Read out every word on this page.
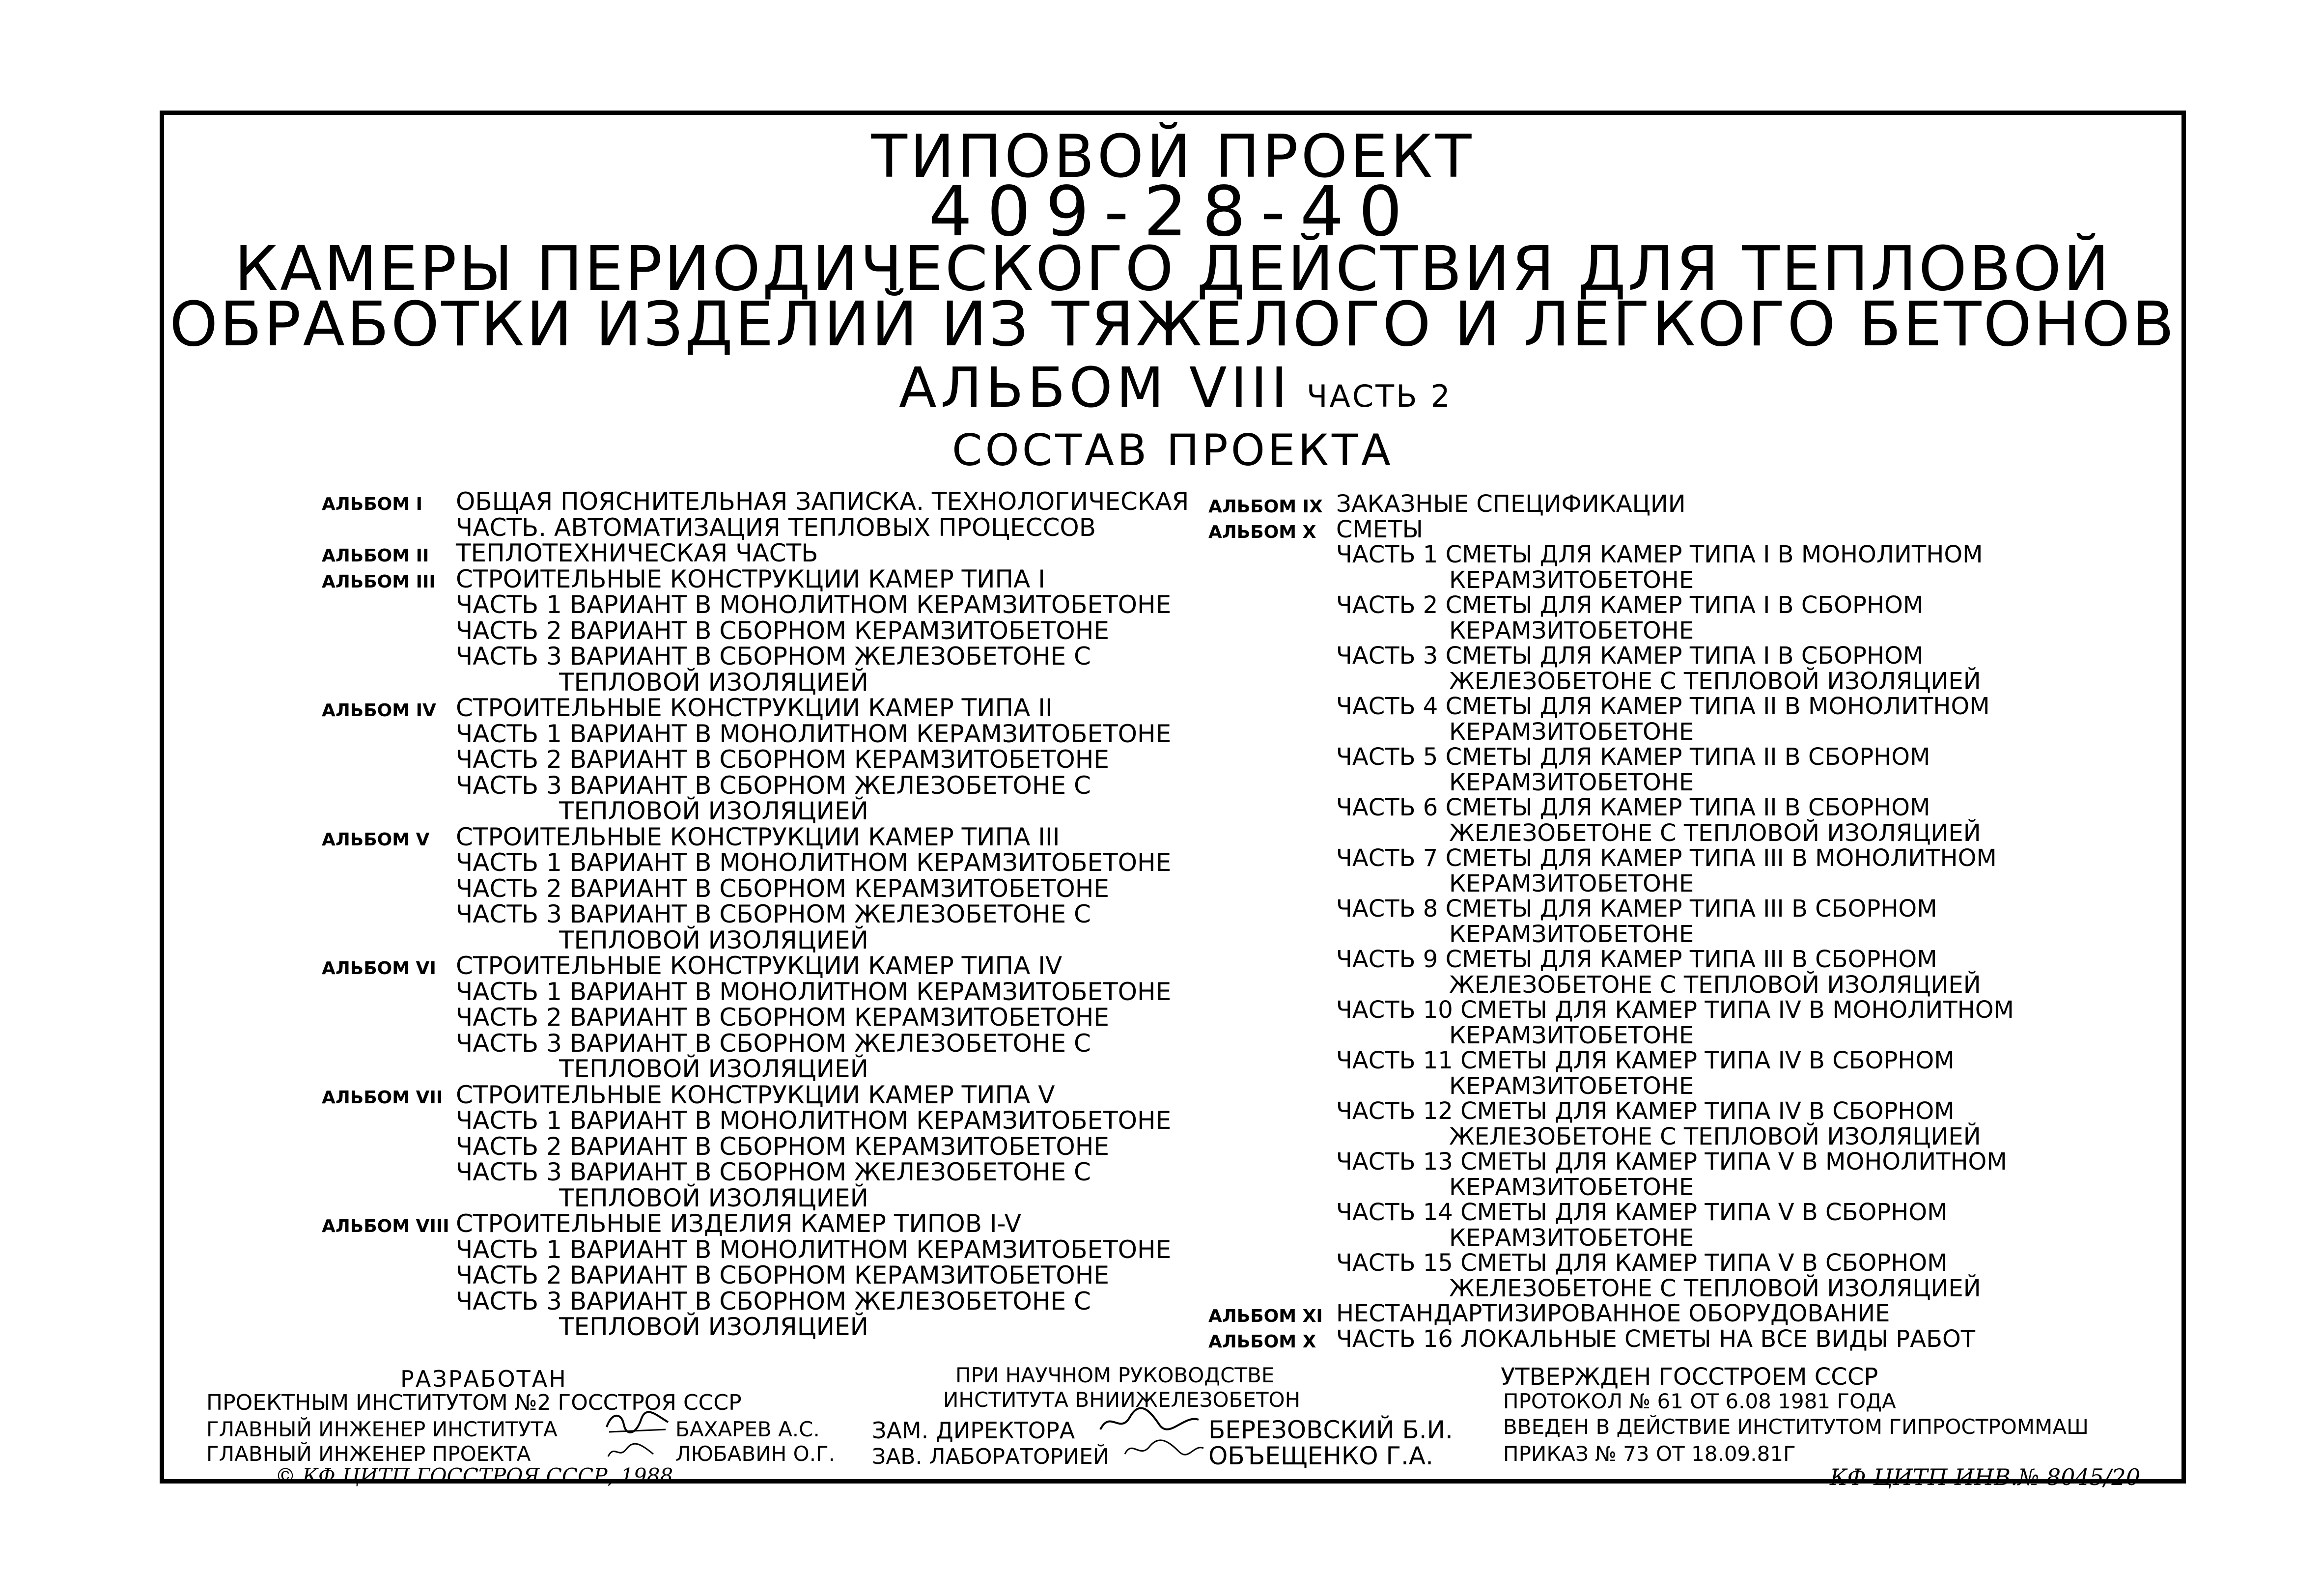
ТИПОВОЙ ПРОЕКТ
409-28-40
КАМЕРЫ ПЕРИОДИЧЕСКОГО ДЕЙСТВИЯ ДЛЯ ТЕПЛОВОЙ
ОБРАБОТКИ ИЗДЕЛИЙ ИЗ ТЯЖЕЛОГО И ЛЕГКОГО БЕТОНОВ
АЛЬБОМ VIII ЧАСТЬ 2
СОСТАВ ПРОЕКТА
АЛЬБОМ I ОБЩАЯ ПОЯСНИТЕЛЬНАЯ ЗАПИСКА. ТЕХНОЛОГИЧЕСКАЯ
ЧАСТЬ. АВТОМАТИЗАЦИЯ ТЕПЛОВЫХ ПРОЦЕССОВ
АЛЬБОМ II ТЕПЛОТЕХНИЧЕСКАЯ ЧАСТЬ
АЛЬБОМ III СТРОИТЕЛЬНЫЕ КОНСТРУКЦИИ КАМЕР ТИПА I
ЧАСТЬ 1 ВАРИАНТ В МОНОЛИТНОМ КЕРАМЗИТОБЕТОНЕ
ЧАСТЬ 2 ВАРИАНТ В СБОРНОМ КЕРАМЗИТОБЕТОНЕ
ЧАСТЬ 3 ВАРИАНТ В СБОРНОМ ЖЕЛЕЗОБЕТОНЕ С
ТЕПЛОВОЙ ИЗОЛЯЦИЕЙ
АЛЬБОМ IV СТРОИТЕЛЬНЫЕ КОНСТРУКЦИИ КАМЕР ТИПА II
ЧАСТЬ 1 ВАРИАНТ В МОНОЛИТНОМ КЕРАМЗИТОБЕТОНЕ
ЧАСТЬ 2 ВАРИАНТ В СБОРНОМ КЕРАМЗИТОБЕТОНЕ
ЧАСТЬ 3 ВАРИАНТ В СБОРНОМ ЖЕЛЕЗОБЕТОНЕ С
ТЕПЛОВОЙ ИЗОЛЯЦИЕЙ
АЛЬБОМ V СТРОИТЕЛЬНЫЕ КОНСТРУКЦИИ КАМЕР ТИПА III
ЧАСТЬ 1 ВАРИАНТ В МОНОЛИТНОМ КЕРАМЗИТОБЕТОНЕ
ЧАСТЬ 2 ВАРИАНТ В СБОРНОМ КЕРАМЗИТОБЕТОНЕ
ЧАСТЬ 3 ВАРИАНТ В СБОРНОМ ЖЕЛЕЗОБЕТОНЕ С
ТЕПЛОВОЙ ИЗОЛЯЦИЕЙ
АЛЬБОМ VI СТРОИТЕЛЬНЫЕ КОНСТРУКЦИИ КАМЕР ТИПА IV
ЧАСТЬ 1 ВАРИАНТ В МОНОЛИТНОМ КЕРАМЗИТОБЕТОНЕ
ЧАСТЬ 2 ВАРИАНТ В СБОРНОМ КЕРАМЗИТОБЕТОНЕ
ЧАСТЬ 3 ВАРИАНТ В СБОРНОМ ЖЕЛЕЗОБЕТОНЕ С
ТЕПЛОВОЙ ИЗОЛЯЦИЕЙ
АЛЬБОМ VII СТРОИТЕЛЬНЫЕ КОНСТРУКЦИИ КАМЕР ТИПА V
ЧАСТЬ 1 ВАРИАНТ В МОНОЛИТНОМ КЕРАМЗИТОБЕТОНЕ
ЧАСТЬ 2 ВАРИАНТ В СБОРНОМ КЕРАМЗИТОБЕТОНЕ
ЧАСТЬ 3 ВАРИАНТ В СБОРНОМ ЖЕЛЕЗОБЕТОНЕ С
ТЕПЛОВОЙ ИЗОЛЯЦИЕЙ
АЛЬБОМ VIII СТРОИТЕЛЬНЫЕ ИЗДЕЛИЯ КАМЕР ТИПОВ I-V
ЧАСТЬ 1 ВАРИАНТ В МОНОЛИТНОМ КЕРАМЗИТОБЕТОНЕ
ЧАСТЬ 2 ВАРИАНТ В СБОРНОМ КЕРАМЗИТОБЕТОНЕ
ЧАСТЬ 3 ВАРИАНТ В СБОРНОМ ЖЕЛЕЗОБЕТОНЕ С
ТЕПЛОВОЙ ИЗОЛЯЦИЕЙ
АЛЬБОМ IX ЗАКАЗНЫЕ СПЕЦИФИКАЦИИ
АЛЬБОМ X СМЕТЫ
ЧАСТЬ 1 СМЕТЫ ДЛЯ КАМЕР ТИПА I В МОНОЛИТНОМ
КЕРАМЗИТОБЕТОНЕ
ЧАСТЬ 2 СМЕТЫ ДЛЯ КАМЕР ТИПА I В СБОРНОМ
КЕРАМЗИТОБЕТОНЕ
ЧАСТЬ 3 СМЕТЫ ДЛЯ КАМЕР ТИПА I В СБОРНОМ
ЖЕЛЕЗОБЕТОНЕ С ТЕПЛОВОЙ ИЗОЛЯЦИЕЙ
ЧАСТЬ 4 СМЕТЫ ДЛЯ КАМЕР ТИПА II В МОНОЛИТНОМ
КЕРАМЗИТОБЕТОНЕ
ЧАСТЬ 5 СМЕТЫ ДЛЯ КАМЕР ТИПА II В СБОРНОМ
КЕРАМЗИТОБЕТОНЕ
ЧАСТЬ 6 СМЕТЫ ДЛЯ КАМЕР ТИПА II В СБОРНОМ
ЖЕЛЕЗОБЕТОНЕ С ТЕПЛОВОЙ ИЗОЛЯЦИЕЙ
ЧАСТЬ 7 СМЕТЫ ДЛЯ КАМЕР ТИПА III В МОНОЛИТНОМ
КЕРАМЗИТОБЕТОНЕ
ЧАСТЬ 8 СМЕТЫ ДЛЯ КАМЕР ТИПА III В СБОРНОМ
КЕРАМЗИТОБЕТОНЕ
ЧАСТЬ 9 СМЕТЫ ДЛЯ КАМЕР ТИПА III В СБОРНОМ
ЖЕЛЕЗОБЕТОНЕ С ТЕПЛОВОЙ ИЗОЛЯЦИЕЙ
ЧАСТЬ 10 СМЕТЫ ДЛЯ КАМЕР ТИПА IV В МОНОЛИТНОМ
КЕРАМЗИТОБЕТОНЕ
ЧАСТЬ 11 СМЕТЫ ДЛЯ КАМЕР ТИПА IV В СБОРНОМ
КЕРАМЗИТОБЕТОНЕ
ЧАСТЬ 12 СМЕТЫ ДЛЯ КАМЕР ТИПА IV В СБОРНОМ
ЖЕЛЕЗОБЕТОНЕ С ТЕПЛОВОЙ ИЗОЛЯЦИЕЙ
ЧАСТЬ 13 СМЕТЫ ДЛЯ КАМЕР ТИПА V В МОНОЛИТНОМ
КЕРАМЗИТОБЕТОНЕ
ЧАСТЬ 14 СМЕТЫ ДЛЯ КАМЕР ТИПА V В СБОРНОМ
КЕРАМЗИТОБЕТОНЕ
ЧАСТЬ 15 СМЕТЫ ДЛЯ КАМЕР ТИПА V В СБОРНОМ
ЖЕЛЕЗОБЕТОНЕ С ТЕПЛОВОЙ ИЗОЛЯЦИЕЙ
АЛЬБОМ XI НЕСТАНДАРТИЗИРОВАННОЕ ОБОРУДОВАНИЕ
АЛЬБОМ X ЧАСТЬ 16 ЛОКАЛЬНЫЕ СМЕТЫ НА ВСЕ ВИДЫ РАБОТ
РАЗРАБОТАН
ПРОЕКТНЫМ ИНСТИТУТОМ №2 ГОССТРОЯ СССР
ГЛАВНЫЙ ИНЖЕНЕР ИНСТИТУТА	БАХАРЕВ А.С.
ГЛАВНЫЙ ИНЖЕНЕР ПРОЕКТА	ЛЮБАВИН О.Г.
© КФ ЦИТП ГОССТРОЯ СССР, 1988
ПРИ НАУЧНОМ РУКОВОДСТВЕ
ИНСТИТУТА ВНИИЖЕЛЕЗОБЕТОН
ЗАМ. ДИРЕКТОРА	БЕРЕЗОВСКИЙ Б.И.
ЗАВ. ЛАБОРАТОРИЕЙ	ОБЪЕЩЕНКО Г.А.
УТВЕРЖДЕН ГОССТРОЕМ СССР
ПРОТОКОЛ № 61 ОТ 6.08 1981 ГОДА
ВВЕДЕН В ДЕЙСТВИЕ ИНСТИТУТОМ ГИПРОСТРОММАШ
ПРИКАЗ № 73 ОТ 18.09.81Г
КФ ЦИТП ИНВ.№ 8045/20
